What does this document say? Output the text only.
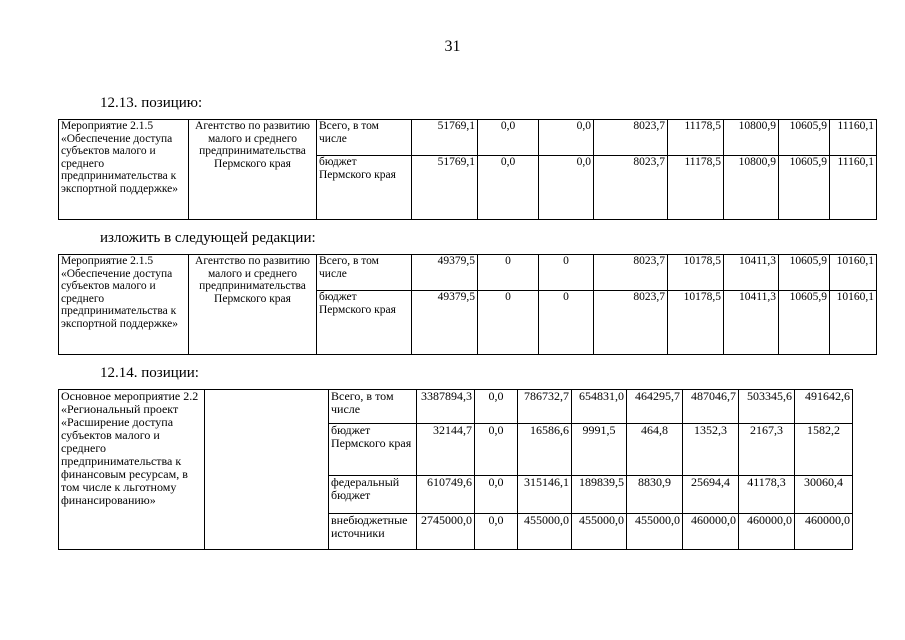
31
12.13. позицию:
Мероприятие 2.1.5 «Обеспечение доступа субъектов малого и среднего предпринимательства к экспортной поддержке»	Агентство по развитию малого и среднего предпринимательства Пермского края	Всего, в том числе	51769,1	0,0	0,0	8023,7	11178,5	10800,9	10605,9	11160,1
		бюджет Пермского края	51769,1	0,0	0,0	8023,7	11178,5	10800,9	10605,9	11160,1
изложить в следующей редакции:
Мероприятие 2.1.5 «Обеспечение доступа субъектов малого и среднего предпринимательства к экспортной поддержке»	Агентство по развитию малого и среднего предпринимательства Пермского края	Всего, в том числе	49379,5	0	0	8023,7	10178,5	10411,3	10605,9	10160,1
		бюджет Пермского края	49379,5	0	0	8023,7	10178,5	10411,3	10605,9	10160,1
12.14. позиции:
Основное мероприятие 2.2 «Региональный проект «Расширение доступа субъектов малого и среднего предпринимательства к финансовым ресурсам, в том числе к льготному финансированию»		Всего, в том числе	3387894,3	0,0	786732,7	654831,0	464295,7	487046,7	503345,6	491642,6
		бюджет Пермского края	32144,7	0,0	16586,6	9991,5	464,8	1352,3	2167,3	1582,2
		федеральный бюджет	610749,6	0,0	315146,1	189839,5	8830,9	25694,4	41178,3	30060,4
		внебюджетные источники	2745000,0	0,0	455000,0	455000,0	455000,0	460000,0	460000,0	460000,0
